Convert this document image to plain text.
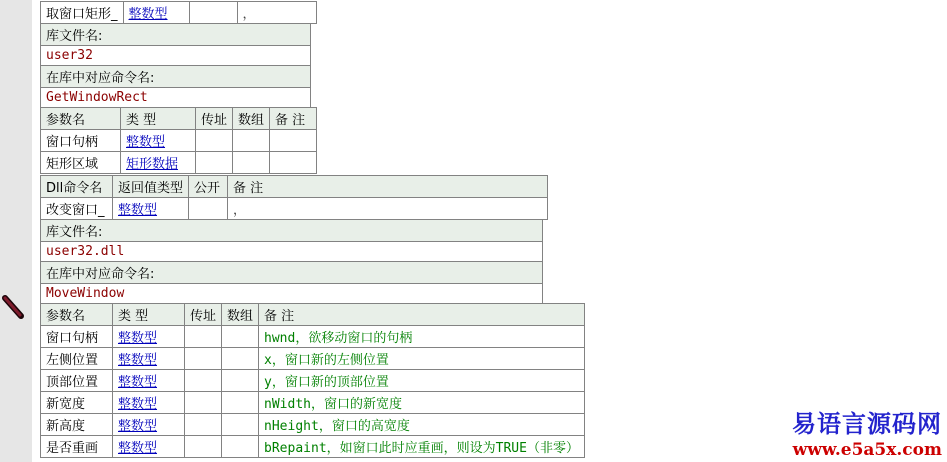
取窗口矩形_	整数型		，
库文件名:
user32
在库中对应命令名:
GetWindowRect
参数名	类 型	传址	数组	备 注
窗口句柄	整数型			
矩形区域	矩形数据			
Dll命令名	返回值类型	公开	备 注
改变窗口_	整数型		，
库文件名:
user32.dll
在库中对应命令名:
MoveWindow
参数名	类 型	传址	数组	备 注
窗口句柄	整数型			hwnd，欲移动窗口的句柄
左侧位置	整数型			x，窗口新的左侧位置
顶部位置	整数型			y，窗口新的顶部位置
新宽度	整数型			nWidth，窗口的新宽度
新高度	整数型			nHeight，窗口的高宽度
是否重画	整数型			bRepaint，如窗口此时应重画，则设为TRUE（非零）
易语言源码网
www.e5a5x.com
